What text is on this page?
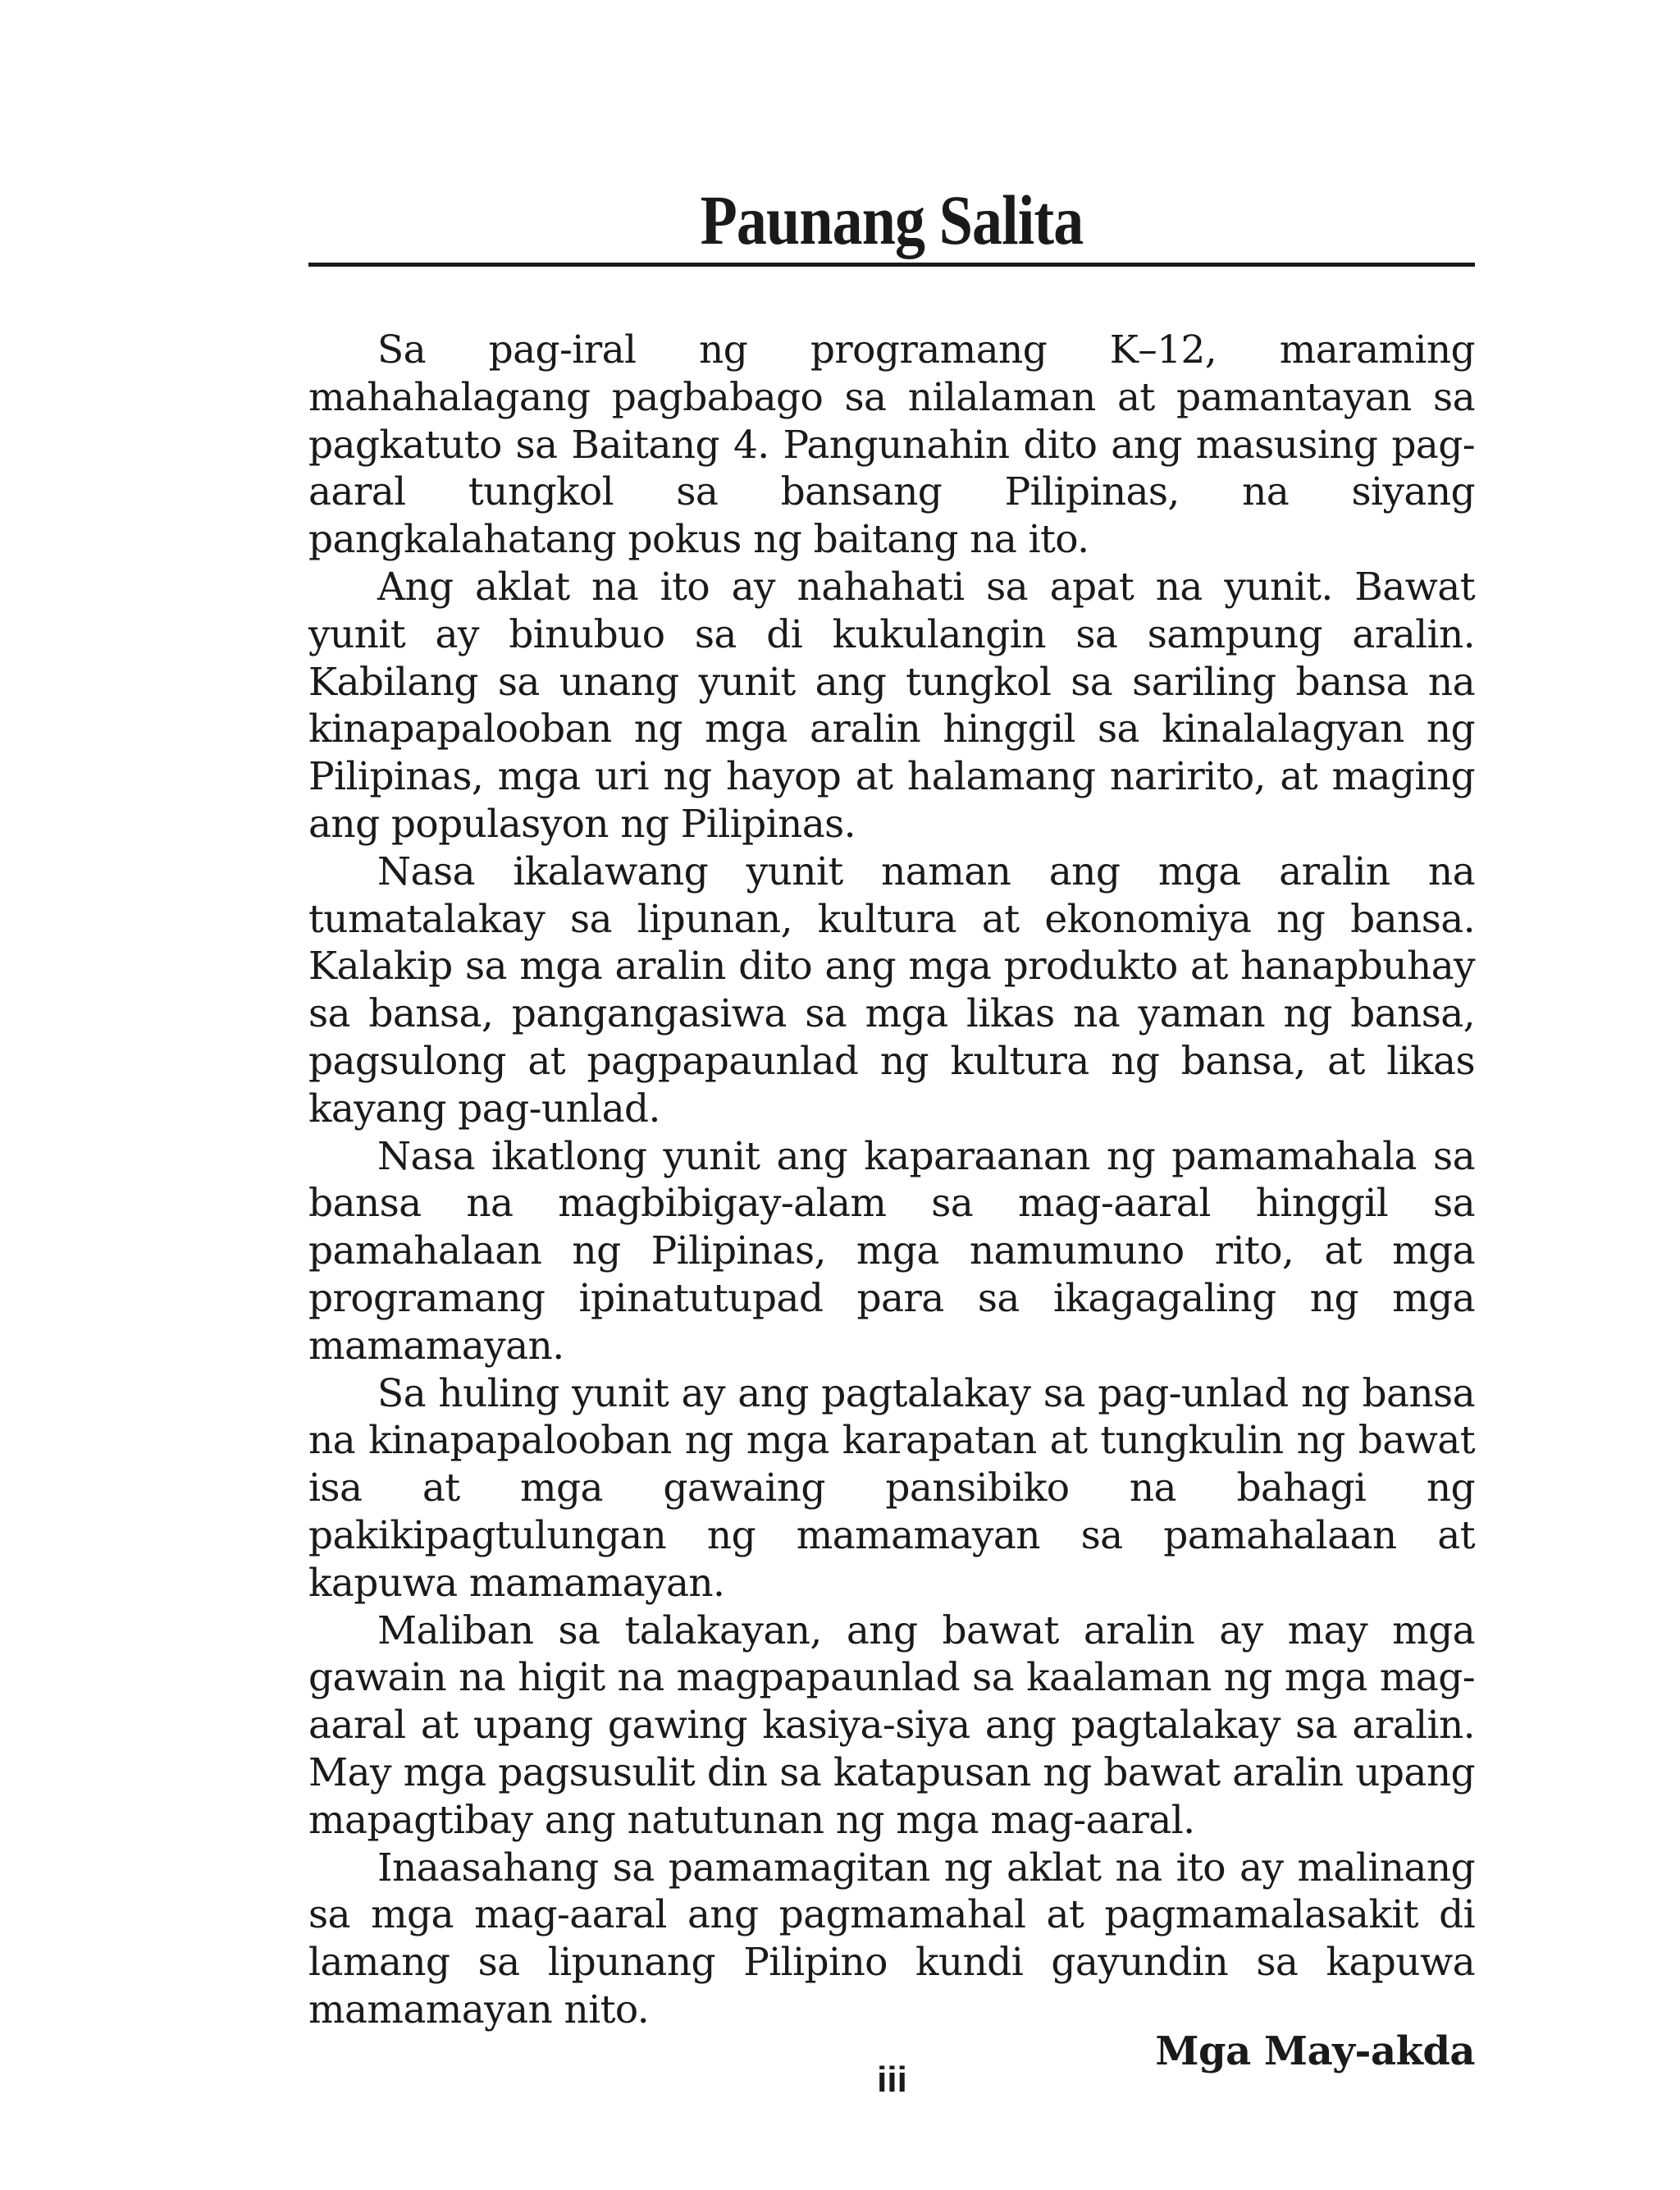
Paunang Salita

Sa pag-iral ng programang K–12, maraming mahahalagang pagbabago sa nilalaman at pamantayan sa pagkatuto sa Baitang 4. Pangunahin dito ang masusing pag-aaral tungkol sa bansang Pilipinas, na siyang pangkalahatang pokus ng baitang na ito.

Ang aklat na ito ay nahahati sa apat na yunit. Bawat yunit ay binubuo sa di kukulangin sa sampung aralin. Kabilang sa unang yunit ang tungkol sa sariling bansa na kinapapalooban ng mga aralin hinggil sa kinalalagyan ng Pilipinas, mga uri ng hayop at halamang naririto, at maging ang populasyon ng Pilipinas.

Nasa ikalawang yunit naman ang mga aralin na tumatalakay sa lipunan, kultura at ekonomiya ng bansa. Kalakip sa mga aralin dito ang mga produkto at hanapbuhay sa bansa, pangangasiwa sa mga likas na yaman ng bansa, pagsulong at pagpapaunlad ng kultura ng bansa, at likas kayang pag-unlad.

Nasa ikatlong yunit ang kaparaanan ng pamamahala sa bansa na magbibigay-alam sa mag-aaral hinggil sa pamahalaan ng Pilipinas, mga namumuno rito, at mga programang ipinatutupad para sa ikagagaling ng mga mamamayan.

Sa huling yunit ay ang pagtalakay sa pag-unlad ng bansa na kinapapalooban ng mga karapatan at tungkulin ng bawat isa at mga gawaing pansibiko na bahagi ng pakikipagtulungan ng mamamayan sa pamahalaan at kapuwa mamamayan.

Maliban sa talakayan, ang bawat aralin ay may mga gawain na higit na magpapaunlad sa kaalaman ng mga mag-aaral at upang gawing kasiya-siya ang pagtalakay sa aralin. May mga pagsusulit din sa katapusan ng bawat aralin upang mapagtibay ang natutunan ng mga mag-aaral.

Inaasahang sa pamamagitan ng aklat na ito ay malinang sa mga mag-aaral ang pagmamahal at pagmamalasakit di lamang sa lipunang Pilipino kundi gayundin sa kapuwa mamamayan nito.

Mga May-akda
iii
